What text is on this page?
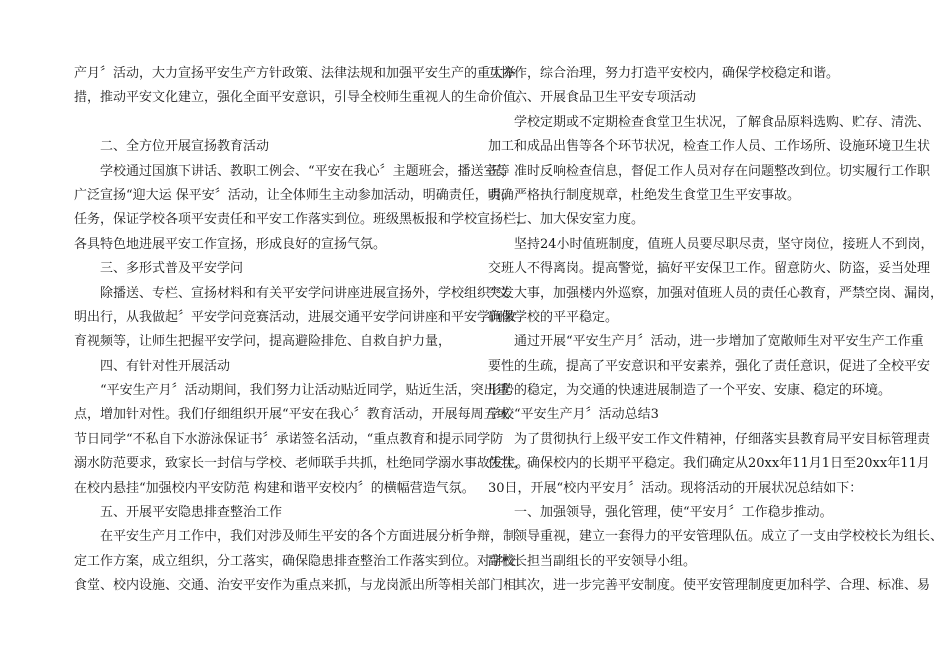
产月〞活动，大力宣扬平安生产方针政策、法律法规和加强平安生产的重大举
措，推动平安文化建立，强化全面平安意识，引导全校师生重视人的生命价值。
二、全方位开展宣扬教育活动
学校通过国旗下讲话、教职工例会、“平安在我心〞主题班会，播送室等
广泛宣扬“迎大运 保平安〞活动，让全体师生主动参加活动，明确责任，明确
任务，保证学校各项平安责任和平安工作落实到位。班级黑板报和学校宣扬栏，
各具特色地进展平安工作宣扬，形成良好的宣扬气氛。
三、多形式普及平安学问
除播送、专栏、宣扬材料和有关平安学问讲座进展宣扬外，学校组织“文
明出行，从我做起〞平安学问竞赛活动，进展交通平安学问讲座和平安学问教
育视频等，让师生把握平安学问，提高避险排危、自救自护力量，
四、有针对性开展活动
“平安生产月〞活动期间，我们努力让活动贴近同学，贴近生活，突出重
点，增加针对性。我们仔细组织开展“平安在我心〞教育活动，开展每周五或
节日同学“不私自下水游泳保证书〞承诺签名活动，“重点教育和提示同学防
溺水防范要求，致家长一封信与学校、老师联手共抓，杜绝同学溺水事故发生。
在校内悬挂“加强校内平安防范 构建和谐平安校内〞的横幅营造气氛。
五、开展平安隐患排查整治工作
在平安生产月工作中，我们对涉及师生平安的各个方面进展分析争辩，制
定工作方案，成立组织，分工落实，确保隐患排查整治工作落实到位。对学校
食堂、校内设施、交通、治安平安作为重点来抓，与龙岗派出所等相关部门相
互协作，综合治理，努力打造平安校内，确保学校稳定和谐。
六、开展食品卫生平安专项活动
学校定期或不定期检查食堂卫生状况，了解食品原料选购、贮存、清洗、
加工和成品出售等各个环节状况，检查工作人员、工作场所、设施环境卫生状
况，准时反响检查信息，督促工作人员对存在问题整改到位。切实履行工作职
责，严格执行制度规章，杜绝发生食堂卫生平安事故。
七、加大保安室力度。
坚持24小时值班制度，值班人员要尽职尽责，坚守岗位，接班人不到岗，
交班人不得离岗。提高警觉，搞好平安保卫工作。留意防火、防盗，妥当处理
突发大事，加强楼内外巡察，加强对值班人员的责任心教育，严禁空岗、漏岗，
确保学校的平平稳定。
通过开展“平安生产月〞活动，进一步增加了宽敞师生对平安生产工作重
要性的生疏，提高了平安意识和平安素养，强化了责任意识，促进了全校平安
形势的稳定，为交通的快速进展制造了一个平安、安康、稳定的环境。
学校“平安生产月〞活动总结3
为了贯彻执行上级平安工作文件精神，仔细落实县教育局平安目标管理责
任状，确保校内的长期平平稳定。我们确定从20xx年11月1日至20xx年11月
30日，开展“校内平安月〞活动。现将活动的开展状况总结如下：
一、加强领导，强化管理，使“平安月〞工作稳步推动。
领导重视，建立一套得力的平安管理队伍。成立了一支由学校校长为组长、
副校长担当副组长的平安领导小组。
其次，进一步完善平安制度。使平安管理制度更加科学、合理、标准、易
